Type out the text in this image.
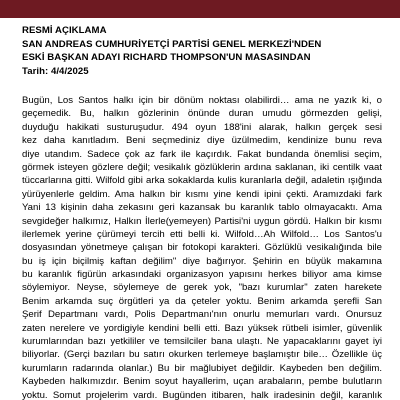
RESMİ AÇIKLAMA
SAN ANDREAS CUMHURİYETÇİ PARTİSİ GENEL MERKEZİ'NDEN
ESKİ BAŞKAN ADAYI RICHARD THOMPSON'UN MASASINDAN
Tarih: 4/4/2025
Bugün, Los Santos halkı için bir dönüm noktası olabilirdi… ama ne yazık ki, o
geçemedik. Bu, halkın gözlerinin önünde duran umudu görmezden gelişi,
duyduğu hakikati susturuşudur. 494 oyun 188'ini alarak, halkın gerçek sesi
kez daha kanıtladım. Beni seçmediniz diye üzülmedim, kendinize bunu reva
diye utandım. Sadece çok az fark ile kaçırdık. Fakat bundanda önemlisi seçim,
görmek isteyen gözlere değil; vesikalık gözlüklerin ardına saklanan, iki centilk vaat
tüccarlarına gitti. Wilfold gibi arka sokaklarda kulis kuranlarla değil, adaletin ışığında
yürüyenlerle geldim. Ama halkın bir kısmı yine kendi ipini çekti. Aramızdaki fark
Yani 13 kişinin daha zekasını geri kazansak bu karanlık tablo olmayacaktı. Ama
sevgideğer halkımız, Halkın İlerle(yemeyen) Partisi'ni uygun gördü. Halkın bir kısmı
ilerlemek yerine çürümeyi tercih etti belli ki. Wilfold…Ah Wilfold… Los Santos'u
dosyasından yönetmeye çalışan bir fotokopi karakteri. Gözlüklü vesikalığında bile
bu iş için biçilmiş kaftan değilim" diye bağırıyor. Şehirin en büyük makamına
bu karanlık figürün arkasındaki organizasyon yapısını herkes biliyor ama kimse
söylemiyor. Neyse, söylemeye de gerek yok, "bazı kurumlar" zaten harekete
Benim arkamda suç örgütleri ya da çeteler yoktu. Benim arkamda şerefli San
Şerif Departmanı vardı, Polis Departmanı'nın onurlu memurları vardı. Onursuz
zaten nerelere ve yordigiyle kendini belli etti. Bazı yüksek rütbeli isimler, güvenlik
kurumlarından bazı yetkililer ve temsilciler bana ulaştı. Ne yapacaklarını gayet iyi
biliyorlar. (Gerçi bazıları bu satırı okurken terlemeye başlamıştır bile… Özellikle üç
kurumların radarında olanlar.) Bu bir mağlubiyet değildir. Kaybeden ben değilim.
Kaybeden halkımızdır. Benim soyut hayallerim, uçan arabaların, pembe bulutların
yoktu. Somut projelerim vardı. Bugünden itibaren, halk iradesinin değil, karanlık
